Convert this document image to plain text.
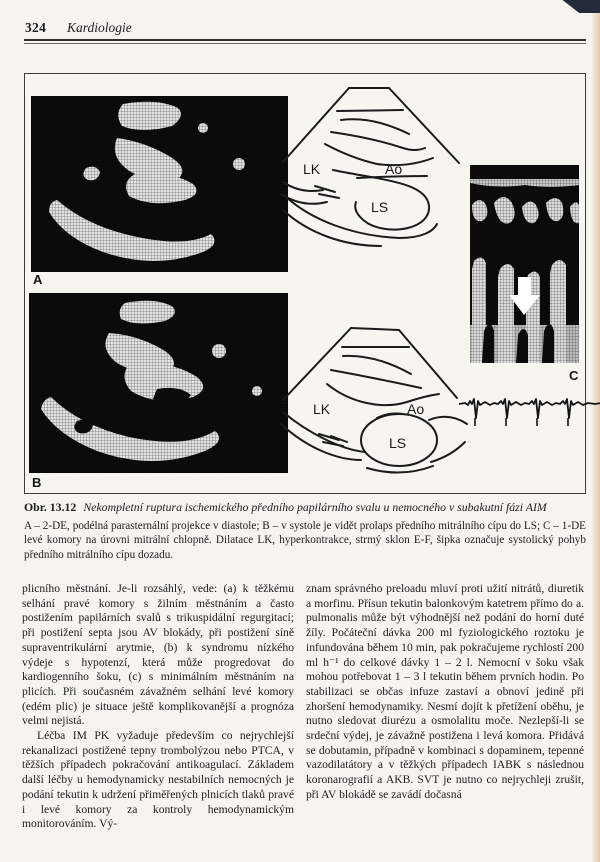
324 Kardiologie
A
B
LK	Ao
LS
LK	Ao
LS
C
Obr. 13.12 Nekompletní ruptura ischemického předního papilárního svalu u nemocného v subakutní fázi AIM
A – 2-DE, podélná parasternální projekce v diastole; B – v systole je vidět prolaps předního mitrálního cípu do LS; C – 1-DE levé komory na úrovni mitrální chlopně. Dilatace LK, hyperkontrakce, strmý sklon E-F, šipka označuje systolický pohyb předního mitrálního cípu dozadu.

plicního městnání. Je-li rozsáhlý, vede: (a) k těžkému selhání pravé komory s žilním městnáním a často postižením papilárních svalů s trikuspidální regurgitací; při postižení septa jsou AV blokády, při postižení síně supraventrikulární arytmie, (b) k syndromu nízkého výdeje s hypotenzí, která může progredovat do kardiogenního šoku, (c) s minimálním městnáním na plicích. Při současném závažném selhání levé komory (edém plic) je situace ještě komplikovanější a prognóza velmi nejistá.

Léčba IM PK vyžaduje především co nejrychlejší rekanalizaci postižené tepny trombolýzou nebo PTCA, v těžších případech pokračování antikoagulací. Základem další léčby u hemodynamicky nestabilních nemocných je podání tekutin k udržení přiměřených plnicích tlaků pravé i levé komory za kontroly hemodynamickým monitorováním. Vý-

znam správného preloadu mluví proti užití nitrátů, diuretik a morfinu. Přísun tekutin balonkovým katetrem přímo do a. pulmonalis může být výhodnější než podání do horní duté žíly. Počáteční dávka 200 ml fyziologického roztoku je infundována během 10 min, pak pokračujeme rychlostí 200 ml h⁻¹ do celkové dávky 1 – 2 l. Nemocní v šoku však mohou potřebovat 1 – 3 l tekutin během prvních hodin. Po stabilizaci se občas infuze zastaví a obnoví jedině při zhoršení hemodynamiky. Nesmí dojít k přetížení oběhu, je nutno sledovat diurézu a osmolalitu moče. Nezlepší-li se srdeční výdej, je závažně postižena i levá komora. Přidává se dobutamin, případně v kombinaci s dopaminem, tepenné vazodilatátory a v těžkých případech IABK s následnou koronarografií a AKB. SVT je nutno co nejrychleji zrušit, při AV blokádě se zavádí dočasná
